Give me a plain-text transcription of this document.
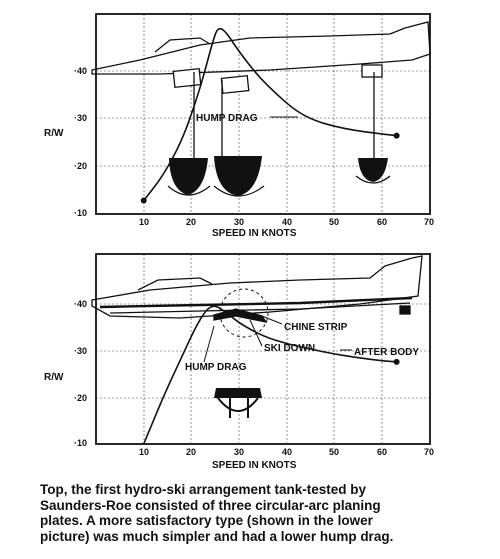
HUMP DRAG
·40
·30
·20
·10
R/W
10	20	30	40	50	60	70
SPEED IN KNOTS
CHINE STRIP
SKI DOWN	AFTER BODY
HUMP DRAG
·40
·30
·20
·10
R/W
10	20	30	40	50	60	70
SPEED IN KNOTS
Top, the first hydro-ski arrangement tank-tested by
Saunders-Roe consisted of three circular-arc planing
plates. A more satisfactory type (shown in the lower
picture) was much simpler and had a lower hump drag.
